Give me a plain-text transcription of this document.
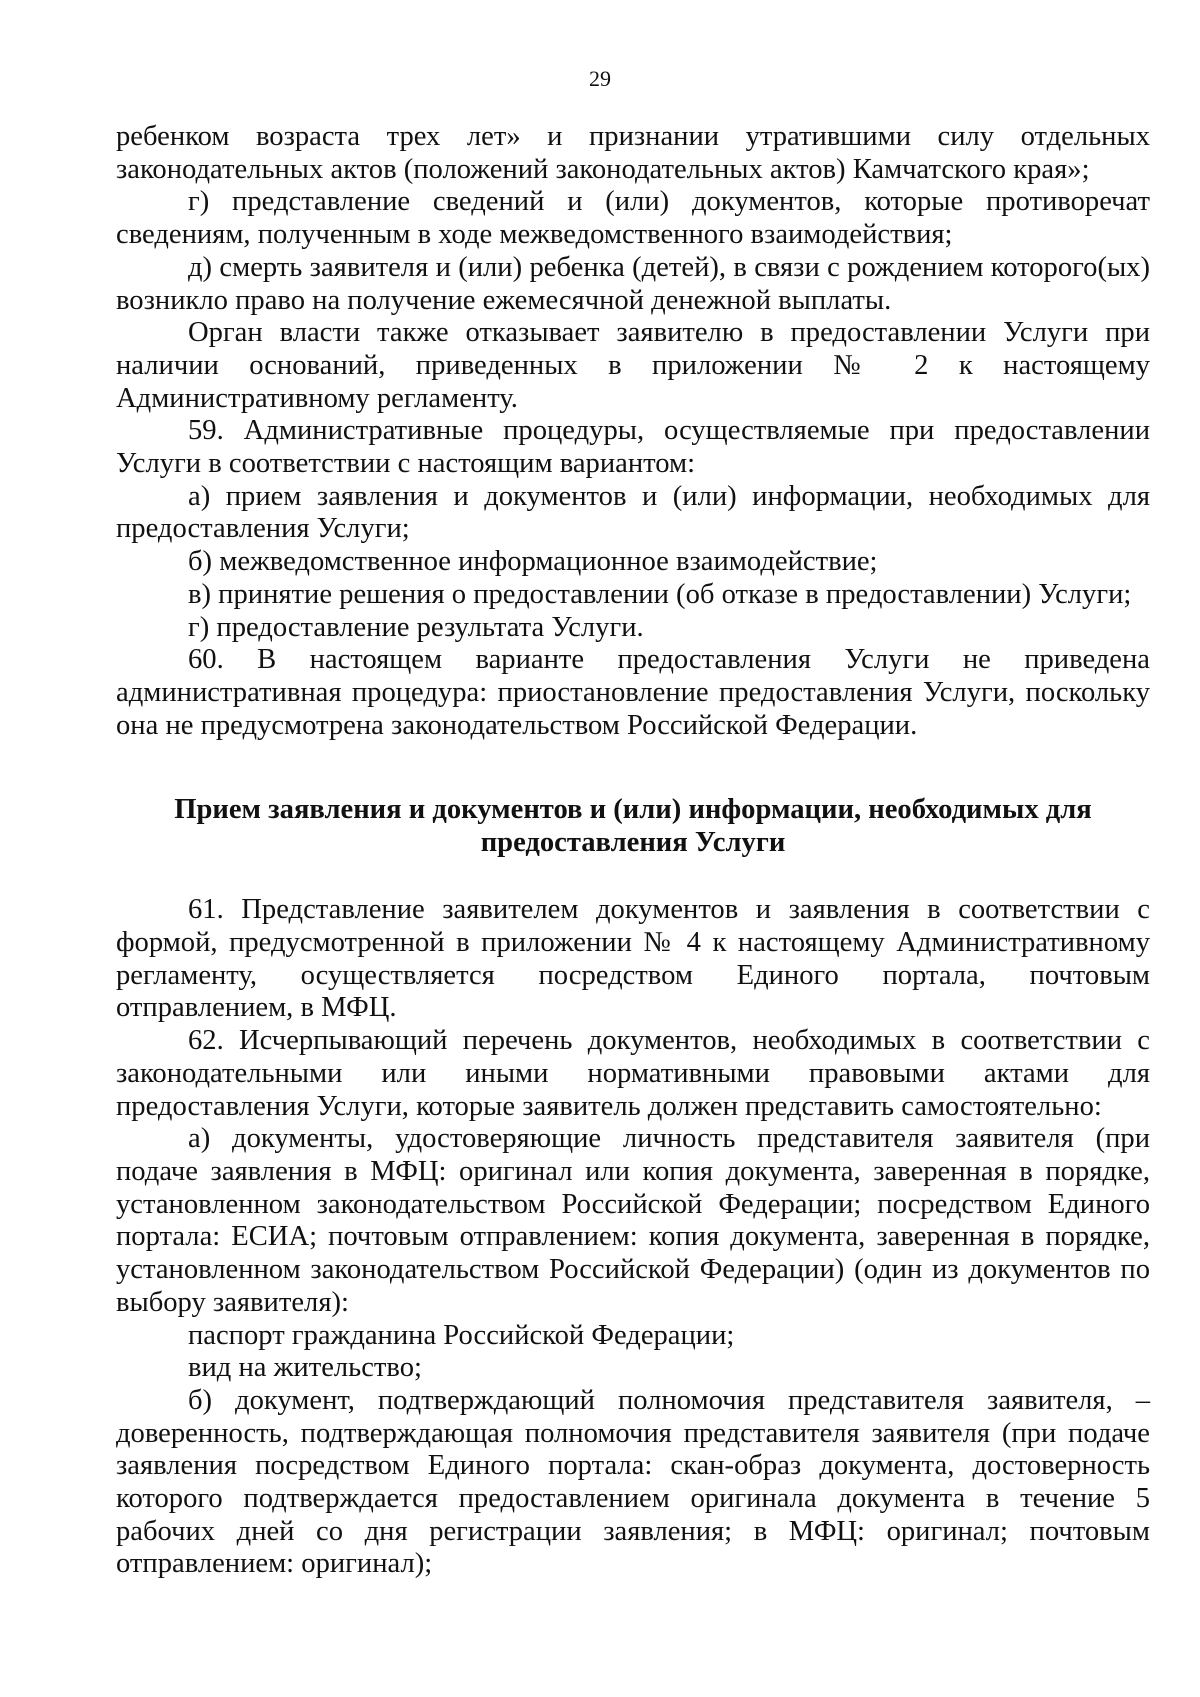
29

ребенком возраста трех лет» и признании утратившими силу отдельных законодательных актов (положений законодательных актов) Камчатского края»;

г) представление сведений и (или) документов, которые противоречат сведениям, полученным в ходе межведомственного взаимодействия;

д) смерть заявителя и (или) ребенка (детей), в связи с рождением которого(ых) возникло право на получение ежемесячной денежной выплаты.

Орган власти также отказывает заявителю в предоставлении Услуги при наличии оснований, приведенных в приложении № 2 к настоящему Административному регламенту.

59. Административные процедуры, осуществляемые при предоставлении Услуги в соответствии с настоящим вариантом:

а) прием заявления и документов и (или) информации, необходимых для предоставления Услуги;

б) межведомственное информационное взаимодействие;

в) принятие решения о предоставлении (об отказе в предоставлении) Услуги;

г) предоставление результата Услуги.

60. В настоящем варианте предоставления Услуги не приведена административная процедура: приостановление предоставления Услуги, поскольку она не предусмотрена законодательством Российской Федерации.

Прием заявления и документов и (или) информации, необходимых для
предоставления Услуги

61. Представление заявителем документов и заявления в соответствии с формой, предусмотренной в приложении № 4 к настоящему Административному регламенту, осуществляется посредством Единого портала, почтовым отправлением, в МФЦ.

62. Исчерпывающий перечень документов, необходимых в соответствии с законодательными или иными нормативными правовыми актами для предоставления Услуги, которые заявитель должен представить самостоятельно:

а) документы, удостоверяющие личность представителя заявителя (при подаче заявления в МФЦ: оригинал или копия документа, заверенная в порядке, установленном законодательством Российской Федерации; посредством Единого портала: ЕСИА; почтовым отправлением: копия документа, заверенная в порядке, установленном законодательством Российской Федерации) (один из документов по выбору заявителя):

паспорт гражданина Российской Федерации;

вид на жительство;

б) документ, подтверждающий полномочия представителя заявителя, – доверенность, подтверждающая полномочия представителя заявителя (при подаче заявления посредством Единого портала: скан-образ документа, достоверность которого подтверждается предоставлением оригинала документа в течение 5 рабочих дней со дня регистрации заявления; в МФЦ: оригинал; почтовым отправлением: оригинал);
